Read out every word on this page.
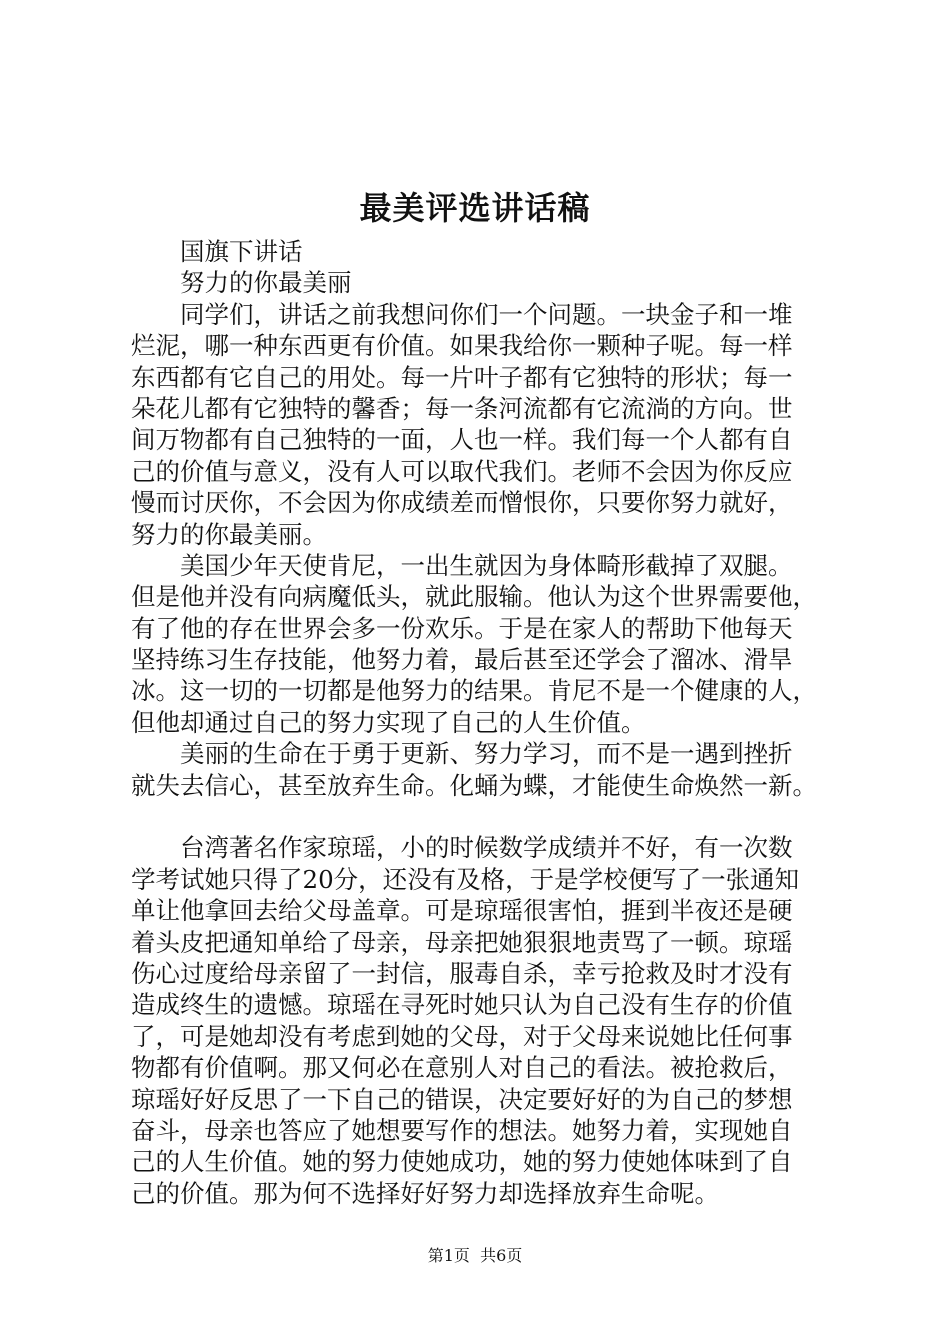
最美评选讲话稿
国旗下讲话
努力的你最美丽
同学们，讲话之前我想问你们一个问题。一块金子和一堆
烂泥，哪一种东西更有价值。如果我给你一颗种子呢。每一样
东西都有它自己的用处。每一片叶子都有它独特的形状；每一
朵花儿都有它独特的馨香；每一条河流都有它流淌的方向。世
间万物都有自己独特的一面，人也一样。我们每一个人都有自
己的价值与意义，没有人可以取代我们。老师不会因为你反应
慢而讨厌你，不会因为你成绩差而憎恨你，只要你努力就好，
努力的你最美丽。
美国少年天使肯尼，一出生就因为身体畸形截掉了双腿。
但是他并没有向病魔低头，就此服输。他认为这个世界需要他，
有了他的存在世界会多一份欢乐。于是在家人的帮助下他每天
坚持练习生存技能，他努力着，最后甚至还学会了溜冰、滑旱
冰。这一切的一切都是他努力的结果。肯尼不是一个健康的人，
但他却通过自己的努力实现了自己的人生价值。
美丽的生命在于勇于更新、努力学习，而不是一遇到挫折
就失去信心，甚至放弃生命。化蛹为蝶，才能使生命焕然一新。
台湾著名作家琼瑶，小的时候数学成绩并不好，有一次数
学考试她只得了20分，还没有及格，于是学校便写了一张通知
单让他拿回去给父母盖章。可是琼瑶很害怕，捱到半夜还是硬
着头皮把通知单给了母亲，母亲把她狠狠地责骂了一顿。琼瑶
伤心过度给母亲留了一封信，服毒自杀，幸亏抢救及时才没有
造成终生的遗憾。琼瑶在寻死时她只认为自己没有生存的价值
了，可是她却没有考虑到她的父母，对于父母来说她比任何事
物都有价值啊。那又何必在意别人对自己的看法。被抢救后，
琼瑶好好反思了一下自己的错误，决定要好好的为自己的梦想
奋斗，母亲也答应了她想要写作的想法。她努力着，实现她自
己的人生价值。她的努力使她成功，她的努力使她体味到了自
己的价值。那为何不选择好好努力却选择放弃生命呢。
第1页  共6页
